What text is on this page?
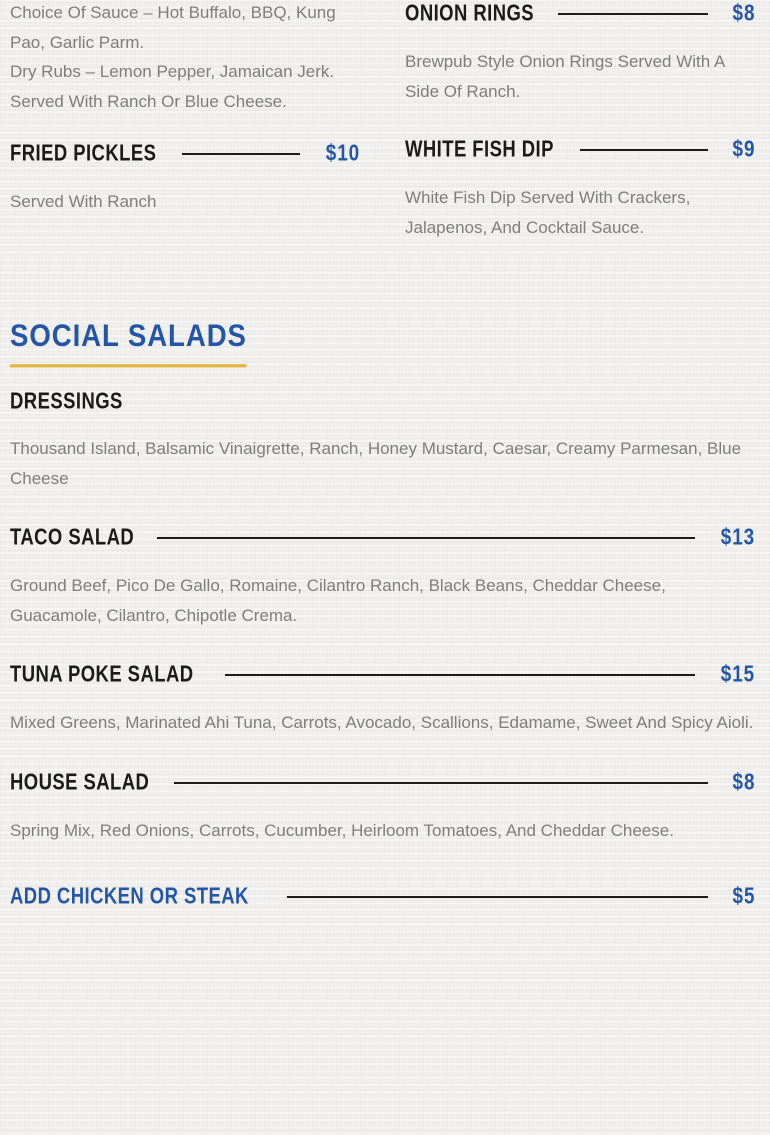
Choice Of Sauce – Hot Buffalo, BBQ, Kung Pao, Garlic Parm.

Dry Rubs – Lemon Pepper, Jamaican Jerk.

Served With Ranch Or Blue Cheese.

FRIED PICKLES	$10

Served With Ranch

ONION RINGS	$8

Brewpub Style Onion Rings Served With A Side Of Ranch.

WHITE FISH DIP	$9

White Fish Dip Served With Crackers, Jalapenos, And Cocktail Sauce.

SOCIAL SALADS
DRESSINGS

Thousand Island, Balsamic Vinaigrette, Ranch, Honey Mustard, Caesar, Creamy Parmesan, Blue Cheese

TACO SALAD	$13

Ground Beef, Pico De Gallo, Romaine, Cilantro Ranch, Black Beans, Cheddar Cheese, Guacamole, Cilantro, Chipotle Crema.

TUNA POKE SALAD	$15

Mixed Greens, Marinated Ahi Tuna, Carrots, Avocado, Scallions, Edamame, Sweet And Spicy Aioli.

HOUSE SALAD	$8

Spring Mix, Red Onions, Carrots, Cucumber, Heirloom Tomatoes, And Cheddar Cheese.

ADD CHICKEN OR STEAK	$5
